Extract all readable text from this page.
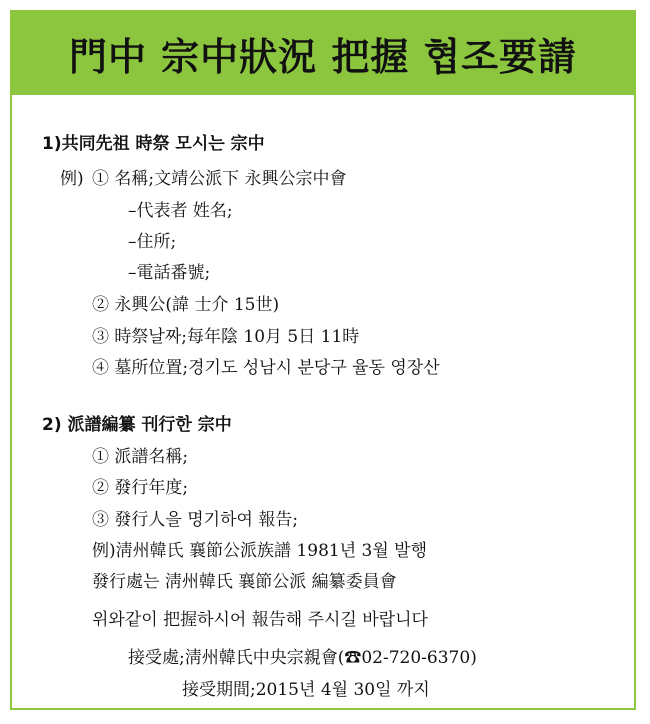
門中 宗中狀況 把握 협조要請
1)共同先祖 時祭 모시는 宗中
例) ① 名稱;文靖公派下 永興公宗中會
–代表者 姓名;
–住所;
–電話番號;
② 永興公(諱 士介 15世)
③ 時祭날짜;每年陰 10月 5日 11時
④ 墓所位置;경기도 성남시 분당구 율동 영장산
2) 派譜編纂 刊行한 宗中
① 派譜名稱;
② 發行年度;
③ 發行人을 명기하여 報告;
例)淸州韓氏 襄節公派族譜 1981년 3월 발행
發行處는 淸州韓氏 襄節公派 編纂委員會
위와같이 把握하시어 報告해 주시길 바랍니다
接受處;淸州韓氏中央宗親會(☎02-720-6370)
接受期間;2015년 4월 30일 까지
